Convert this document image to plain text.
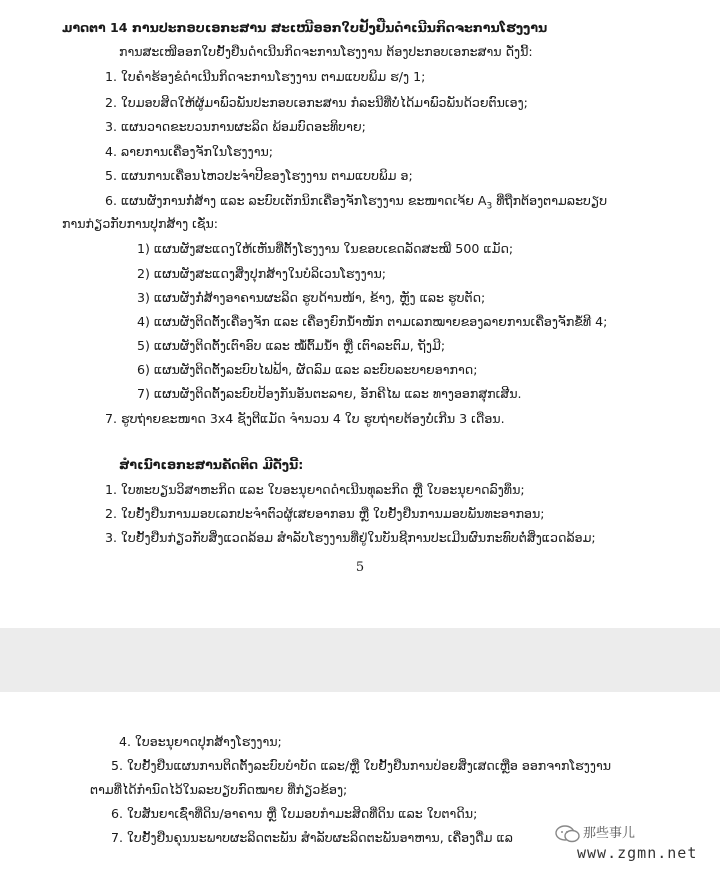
ມາດຕາ 14 ການປະກອບເອກະສານ ສະເໜີອອກໃບຢັ້ງຢືນດຳເນີນກິດຈະການໂຮງງານ
ການສະເໜີອອກໃບຢັ້ງຢືນດຳເນີນກິດຈະການໂຮງງານ ຕ້ອງປະກອບເອກະສານ ດັ່ງນີ້:
1. ໃບຄຳຮ້ອງຂໍດຳເນີນກິດຈະການໂຮງງານ ຕາມແບບພິມ ຮ/ງ 1;
2. ໃບມອບສິດໃຫ້ຜູ້ມາພົວພັນປະກອບເອກະສານ ກໍລະນີທີ່ບໍ່ໄດ້ມາພົວພັນດ້ວຍຕົນເອງ;
3. ແຜນວາດຂະບວນການຜະລິດ ພ້ອມບົດອະທິບາຍ;
4. ລາຍການເຄື່ອງຈັກໃນໂຮງງານ;
5. ແຜນການເຄື່ອນໄຫວປະຈຳປີຂອງໂຮງງານ ຕາມແບບພິມ ອ;
6. ແຜນຜັງການກໍ່ສ້າງ ແລະ ລະບົບເຕັກນິກເຄື່ອງຈັກໂຮງງານ ຂະໜາດເຈ້ຍ $A_3$ ທີ່ຖືກຕ້ອງຕາມລະບຽບ
ການກ່ຽວກັບການປຸກສ້າງ ເຊັ່ນ:
1) ແຜນຜັງສະແດງໃຫ້ເຫັນທີ່ຕັ້ງໂຮງງານ ໃນຂອບເຂດລັດສະໝີ 500 ແມັດ;
2) ແຜນຜັງສະແດງສິ່ງປຸກສ້າງໃນບໍລິເວນໂຮງງານ;
3) ແຜນຜັງກໍ່ສ້າງອາຄານຜະລິດ ຮູບດ້ານໜ້າ, ຂ້າງ, ຫຼັງ ແລະ ຮູບຕັດ;
4) ແຜນຜັງຕິດຕັ້ງເຄື່ອງຈັກ ແລະ ເຄື່ອງຍົກນ້ຳໜັກ ຕາມເລກໝາຍຂອງລາຍການເຄື່ອງຈັກຂໍ້ທີ 4;
5) ແຜນຜັງຕິດຕັ້ງເຕົາອົບ ແລະ ໝໍ້ຕົ້ມນ້ຳ ຫຼື ເຕົາລະຕົມ, ຖັງມີ;
6) ແຜນຜັງຕິດຕັ້ງລະບົບໄຟຟ້າ, ຜັດລົມ ແລະ ລະບົບລະບາຍອາກາດ;
7) ແຜນຜັງຕິດຕັ້ງລະບົບປ້ອງກັນອັນຕະລາຍ, ອັກຄີໄພ ແລະ ທາງອອກສຸກເສີນ.
7. ຮູບຖ່າຍຂະໜາດ 3x4 ຊັງຕີແມັດ ຈຳນວນ 4 ໃບ ຮູບຖ່າຍຕ້ອງບໍ່ເກີນ 3 ເດືອນ.
ສຳເນົາເອກະສານຄັດຕິດ ມີດັ່ງນີ້:
1. ໃບທະບຽນວິສາຫະກິດ ແລະ ໃບອະນຸຍາດດຳເນີນທຸລະກິດ ຫຼື ໃບອະນຸຍາດລົງທຶນ;
2. ໃບຢັ້ງຢືນການມອບເລກປະຈຳຕົວຜູ້ເສຍອາກອນ ຫຼື ໃບຢັ້ງຢືນການມອບພັນທະອາກອນ;
3. ໃບຢັ້ງຢືນກ່ຽວກັບສິ່ງແວດລ້ອມ ສຳລັບໂຮງງານທີ່ຢູ່ໃນບັນຊີການປະເມີນຜົນກະທົບຕໍ່ສິ່ງແວດລ້ອມ;
5
4. ໃບອະນຸຍາດປຸກສ້າງໂຮງງານ;
5. ໃບຢັ້ງຢືນແຜນການຕິດຕັ້ງລະບົບບຳບັດ ແລະ/ຫຼື ໃບຢັ້ງຢືນການປ່ອຍສິ່ງເສດເຫຼືອ ອອກຈາກໂຮງງານ
ຕາມທີ່ໄດ້ກຳນົດໄວ້ໃນລະບຽບກົດໝາຍ ທີ່ກ່ຽວຂ້ອງ;
6. ໃບສັນຍາເຊົ່າທີ່ດິນ/ອາຄານ ຫຼື ໃບມອບກຳມະສິດທີ່ດິນ ແລະ ໃບຕາດິນ;
7. ໃບຢັ້ງຢືນຄຸນນະພາບຜະລິດຕະພັນ ສຳລັບຜະລິດຕະພັນອາຫານ, ເຄື່ອງດື່ມ ແລ	那些事儿
www.zgmn.net
